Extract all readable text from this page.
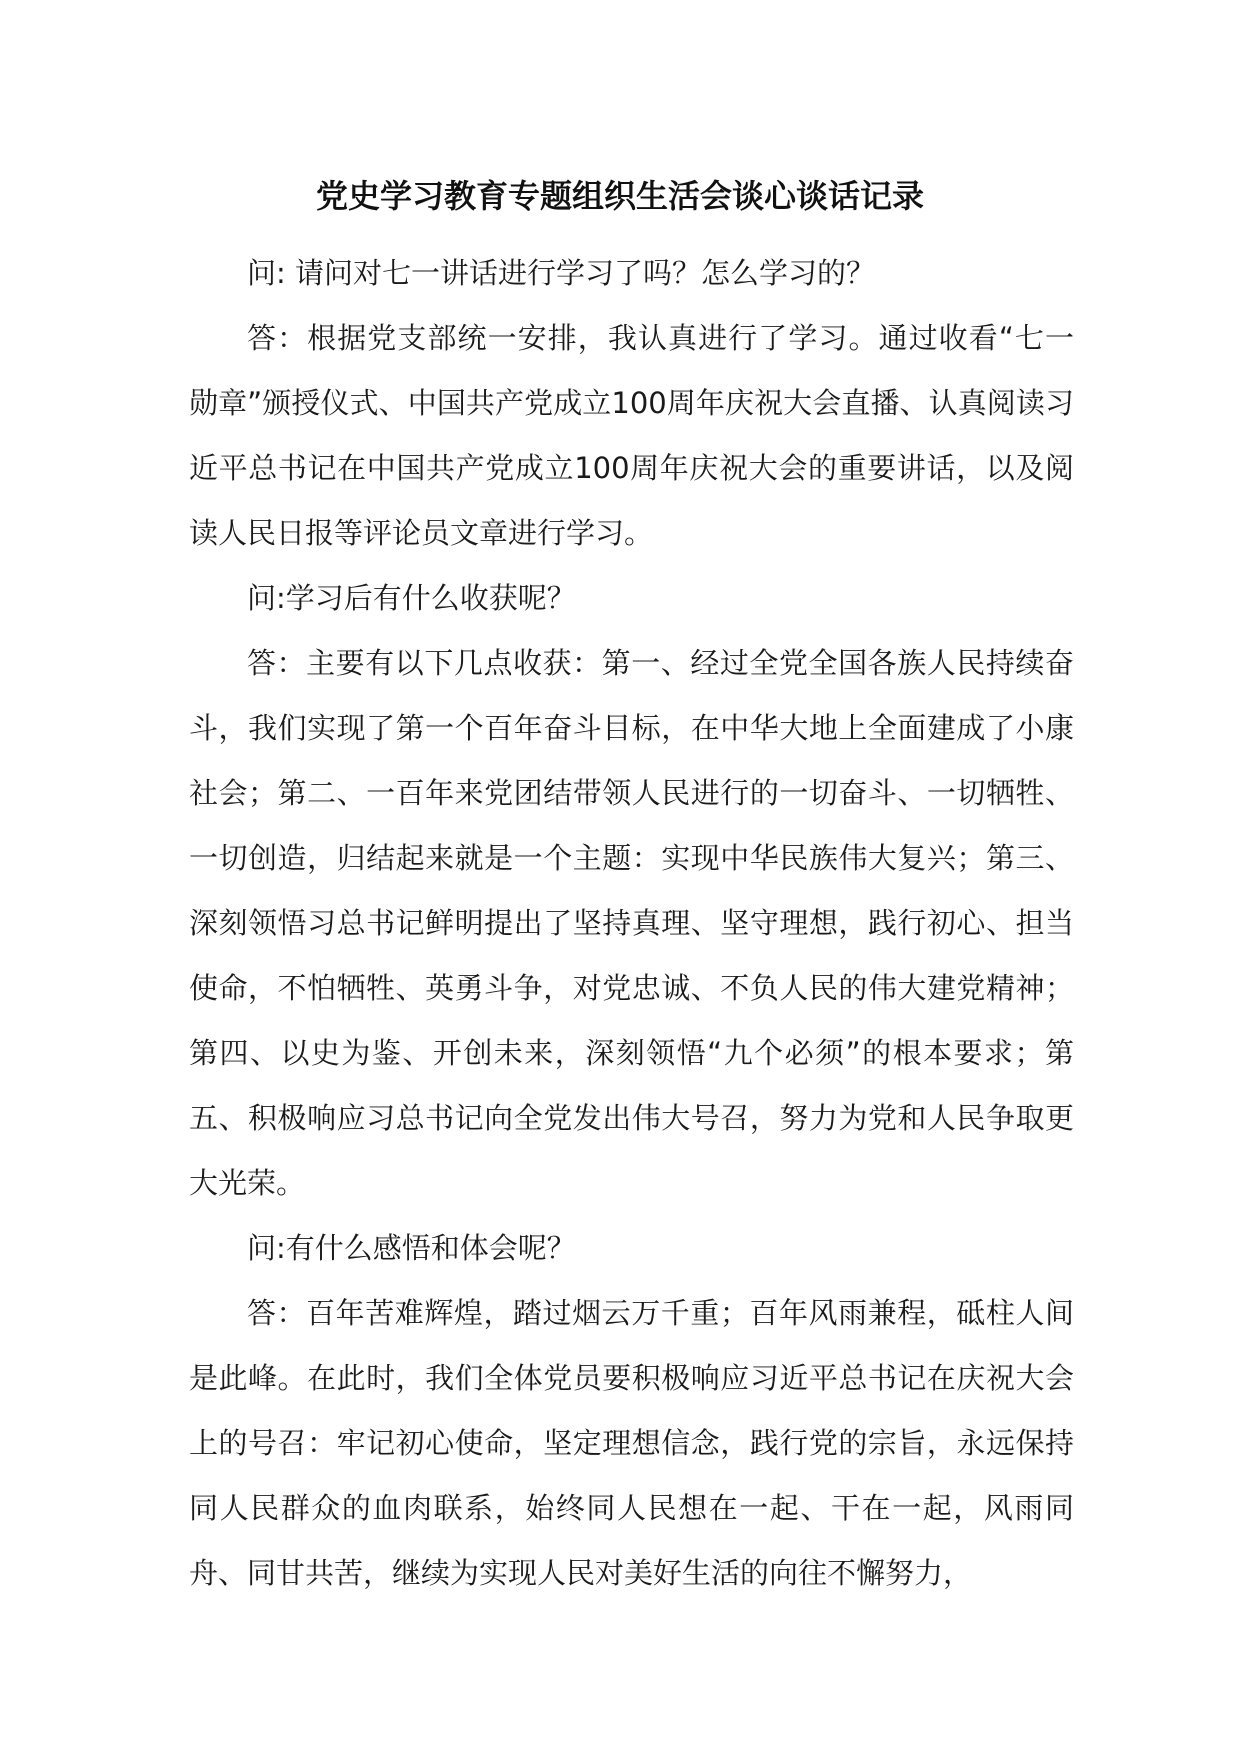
党史学习教育专题组织生活会谈心谈话记录

问: 请问对七一讲话进行学习了吗？怎么学习的？

答：根据党支部统一安排，我认真进行了学习。通过收看“七一勋章”颁授仪式、中国共产党成立100周年庆祝大会直播、认真阅读习近平总书记在中国共产党成立100周年庆祝大会的重要讲话，以及阅读人民日报等评论员文章进行学习。

问:学习后有什么收获呢？

答：主要有以下几点收获：第一、经过全党全国各族人民持续奋斗，我们实现了第一个百年奋斗目标，在中华大地上全面建成了小康社会；第二、一百年来党团结带领人民进行的一切奋斗、一切牺牲、一切创造，归结起来就是一个主题：实现中华民族伟大复兴；第三、深刻领悟习总书记鲜明提出了坚持真理、坚守理想，践行初心、担当使命，不怕牺牲、英勇斗争，对党忠诚、不负人民的伟大建党精神；第四、以史为鉴、开创未来，深刻领悟“九个必须”的根本要求；第五、积极响应习总书记向全党发出伟大号召，努力为党和人民争取更大光荣。

问:有什么感悟和体会呢？

答：百年苦难辉煌，踏过烟云万千重；百年风雨兼程，砥柱人间是此峰。在此时，我们全体党员要积极响应习近平总书记在庆祝大会上的号召：牢记初心使命，坚定理想信念，践行党的宗旨，永远保持同人民群众的血肉联系，始终同人民想在一起、干在一起，风雨同舟、同甘共苦，继续为实现人民对美好生活的向往不懈努力，
